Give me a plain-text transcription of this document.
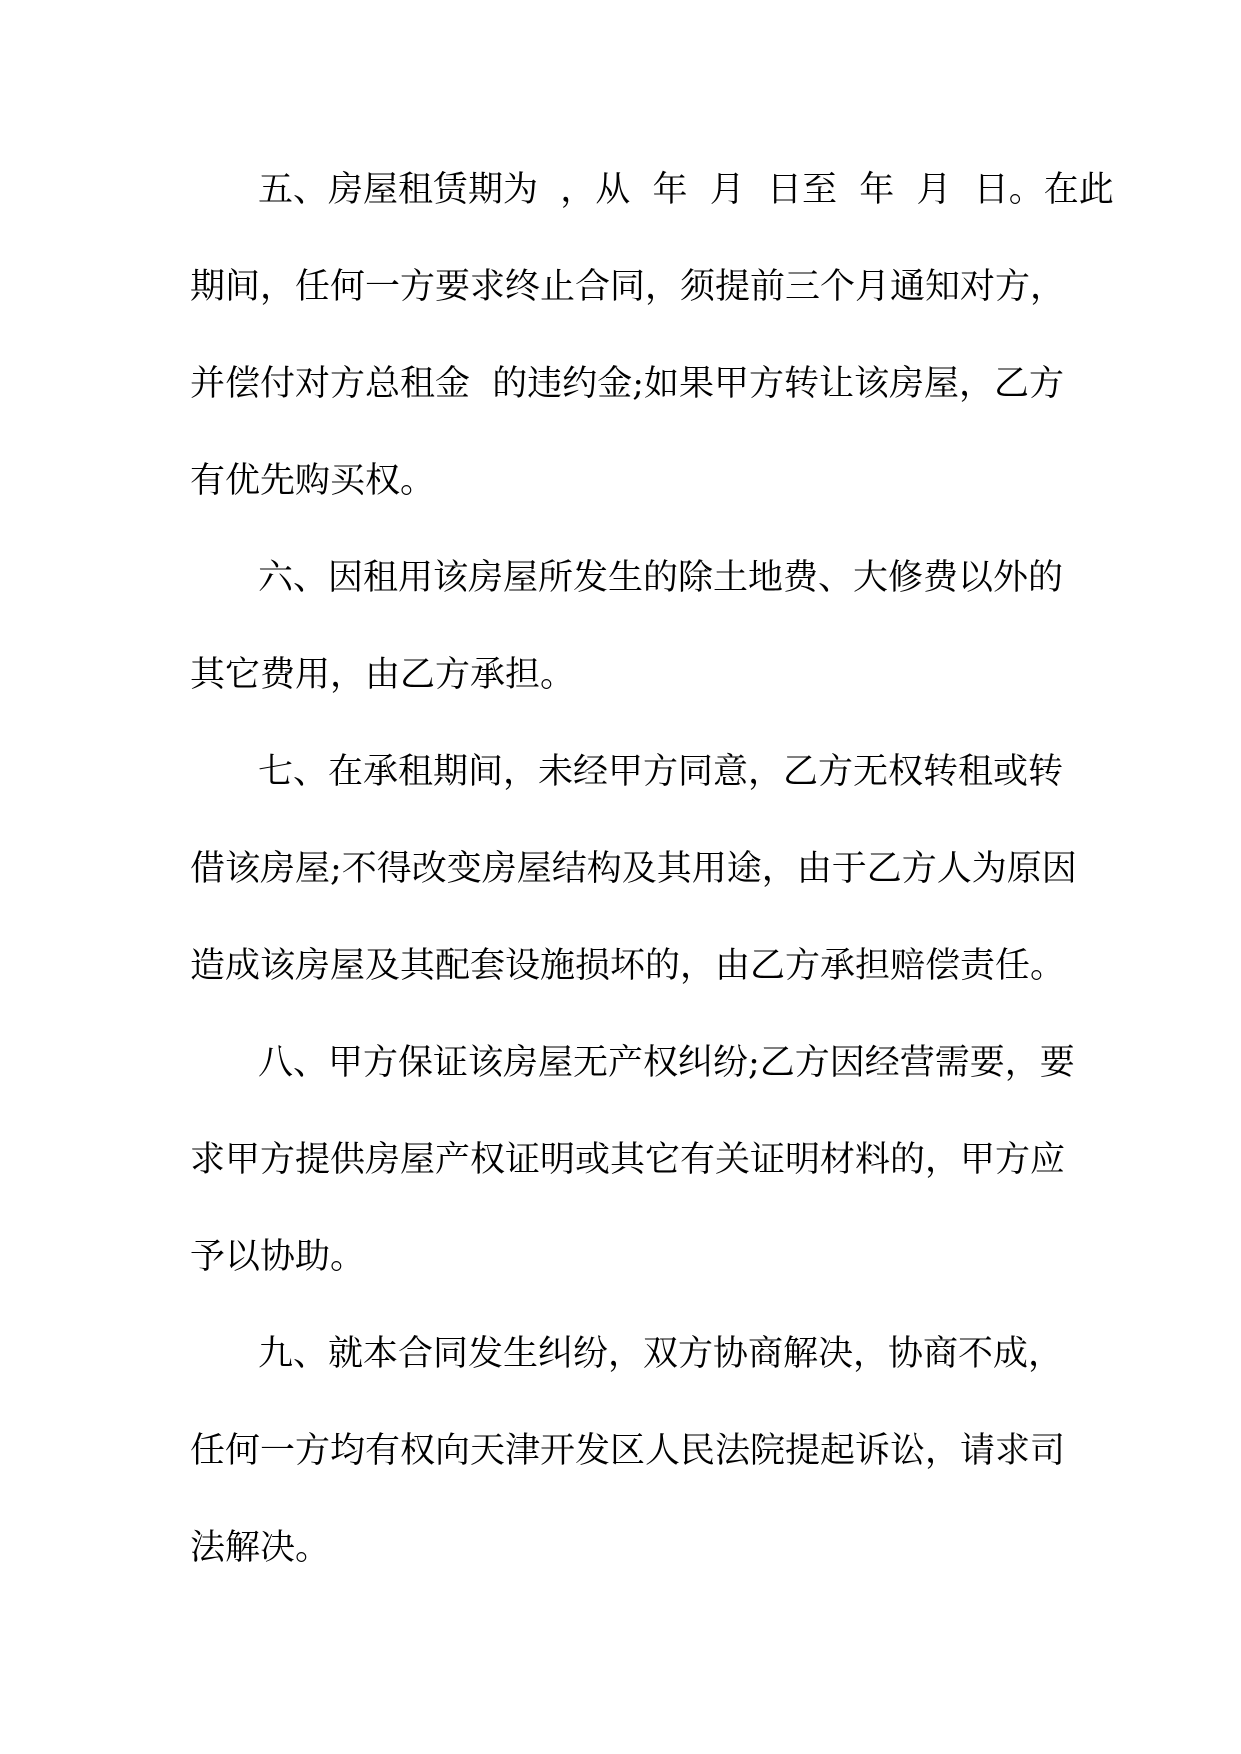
五、房屋租赁期为  ，从  年  月  日至  年  月  日。在此
期间，任何一方要求终止合同，须提前三个月通知对方，
并偿付对方总租金  的违约金;如果甲方转让该房屋，乙方
有优先购买权。
六、因租用该房屋所发生的除土地费、大修费以外的
其它费用，由乙方承担。
七、在承租期间，未经甲方同意，乙方无权转租或转
借该房屋;不得改变房屋结构及其用途，由于乙方人为原因
造成该房屋及其配套设施损坏的，由乙方承担赔偿责任。
八、甲方保证该房屋无产权纠纷;乙方因经营需要，要
求甲方提供房屋产权证明或其它有关证明材料的，甲方应
予以协助。
九、就本合同发生纠纷，双方协商解决，协商不成，
任何一方均有权向天津开发区人民法院提起诉讼，请求司
法解决。
